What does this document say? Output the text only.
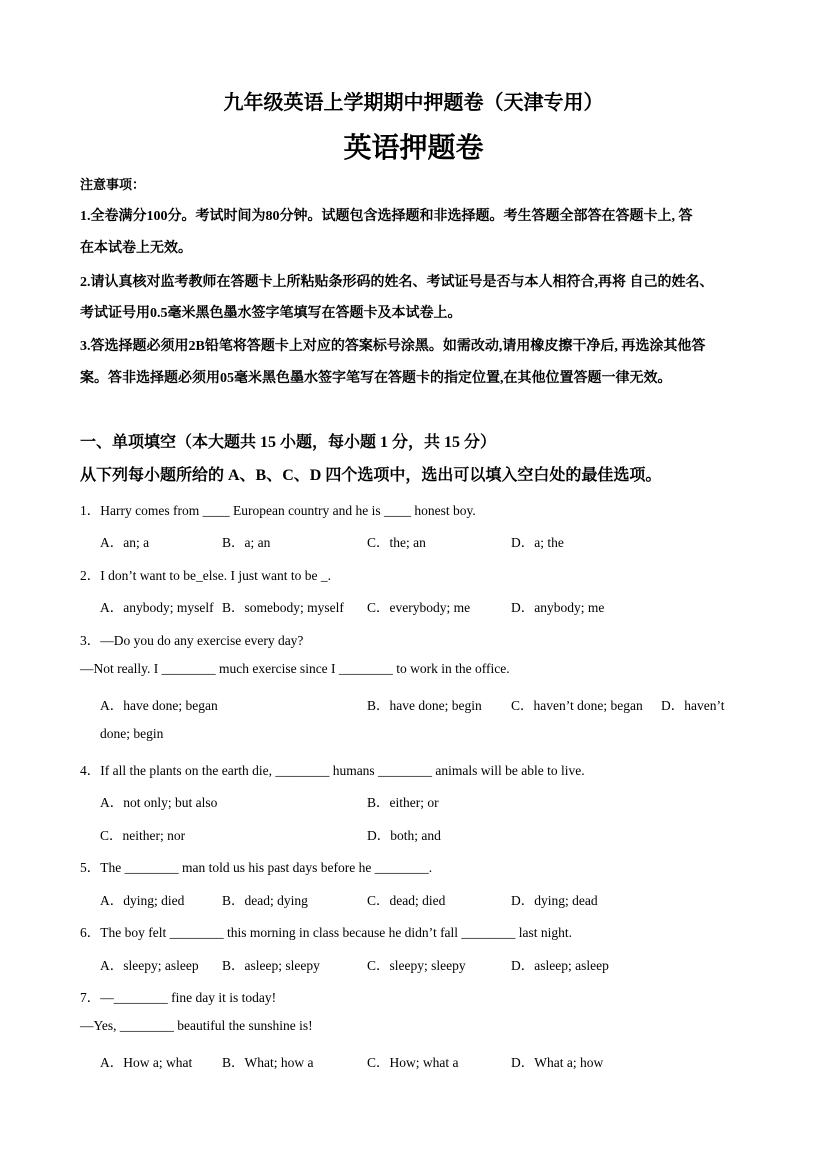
九年级英语上学期期中押题卷（天津专用）
英语押题卷
注意事项：
1.全卷满分100分。考试时间为80分钟。试题包含选择题和非选择题。考生答题全部答在答题卡上, 答
在本试卷上无效。
2.请认真核对监考教师在答题卡上所粘贴条形码的姓名、考试证号是否与本人相符合,再将 自己的姓名、
考试证号用0.5毫米黑色墨水签字笔填写在答题卡及本试卷上。
3.答选择题必须用2B铅笔将答题卡上对应的答案标号涂黑。如需改动,请用橡皮擦干净后, 再选涂其他答
案。答非选择题必须用05毫米黑色墨水签字笔写在答题卡的指定位置,在其他位置答题一律无效。
一、单项填空（本大题共 15 小题，每小题 1 分，共 15 分）
从下列每小题所给的 A、B、C、D 四个选项中，选出可以填入空白处的最佳选项。
1．Harry comes from ____ European country and he is ____ honest boy.
A．an; a	B．a; an	C．the; an	D．a; the
2．I don’t want to be_else. I just want to be _.
A．anybody; myself B．somebody; myself C．everybody; me	D．anybody; me
3．—Do you do any exercise every day?
—Not really. I ________ much exercise since I ________ to work in the office.
A．have done; began	B．have done; begin C．haven’t done; began D．haven’t
done; begin
4．If all the plants on the earth die, ________ humans ________ animals will be able to live.
A．not only; but also	B．either; or
C．neither; nor	D．both; and
5．The ________ man told us his past days before he ________.
A．dying; died	B．dead; dying	C．dead; died	D．dying; dead
6．The boy felt ________ this morning in class because he didn’t fall ________ last night.
A．sleepy; asleep B．asleep; sleepy	C．sleepy; sleepy	D．asleep; asleep
7．—________ fine day it is today!
—Yes, ________ beautiful the sunshine is!
A．How a; what B．What; how a	C．How; what a	D．What a; how
